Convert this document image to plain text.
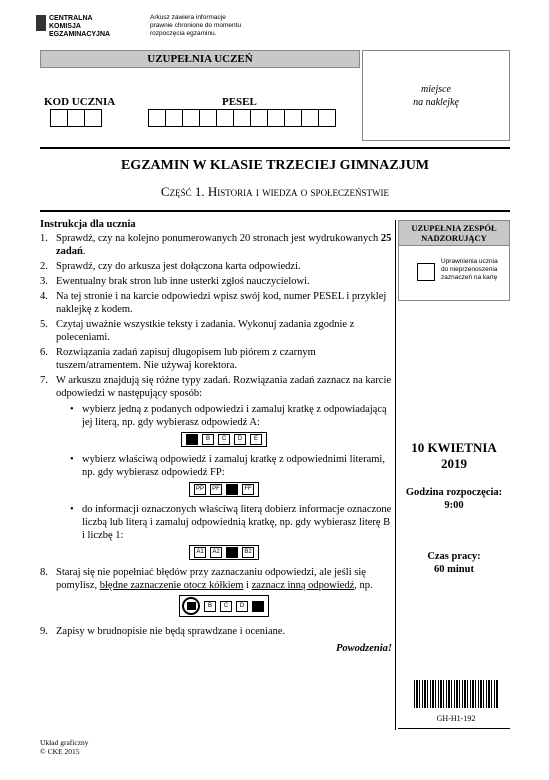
CENTRALNA
KOMISJA
EGZAMINACYJNA
Arkusz zawiera informacje
prawnie chronione do momentu
rozpoczęcia egzaminu.
UZUPEŁNIA UCZEŃ
miejsce
na naklejkę
KOD UCZNIA	PESEL
EGZAMIN W KLASIE TRZECIEJ GIMNAZJUM
Część 1. Historia i wiedza o społeczeństwie
Instrukcja dla ucznia
1. Sprawdź, czy na kolejno ponumerowanych 20 stronach jest wydrukowanych 25 zadań.
2. Sprawdź, czy do arkusza jest dołączona karta odpowiedzi.
3. Ewentualny brak stron lub inne usterki zgłoś nauczycielowi.
4. Na tej stronie i na karcie odpowiedzi wpisz swój kod, numer PESEL i przyklej naklejkę z kodem.
5. Czytaj uważnie wszystkie teksty i zadania. Wykonuj zadania zgodnie z poleceniami.
6. Rozwiązania zadań zapisuj długopisem lub piórem z czarnym tuszem/atramentem. Nie używaj korektora.
7. W arkuszu znajdują się różne typy zadań. Rozwiązania zadań zaznacz na karcie odpowiedzi w następujący sposób:
• wybierz jedną z podanych odpowiedzi i zamaluj kratkę z odpowiadającą jej literą, np. gdy wybierasz odpowiedź A:
A	B	C	D	E
• wybierz właściwą odpowiedź i zamaluj kratkę z odpowiednimi literami, np. gdy wybierasz odpowiedź FP:
PP	PF	FP	FF
• do informacji oznaczonych właściwą literą dobierz informacje oznaczone liczbą lub literą i zamaluj odpowiednią kratkę, np. gdy wybierasz literę B i liczbę 1:
A1	A2	B1	B2
8. Staraj się nie popełniać błędów przy zaznaczaniu odpowiedzi, ale jeśli się pomylisz, błędne zaznaczenie otocz kółkiem i zaznacz inną odpowiedź, np.
A
B	C	D	E
9. Zapisy w brudnopisie nie będą sprawdzane i oceniane.
Powodzenia!
UZUPEŁNIA ZESPÓŁ NADZORUJĄCY
Uprawnienia ucznia
do nieprzenoszenia
zaznaczeń na kartę
10 KWIETNIA
2019
Godzina rozpoczęcia:
9:00
Czas pracy:
60 minut
GH-H1-192
Układ graficzny
© CKE 2015
